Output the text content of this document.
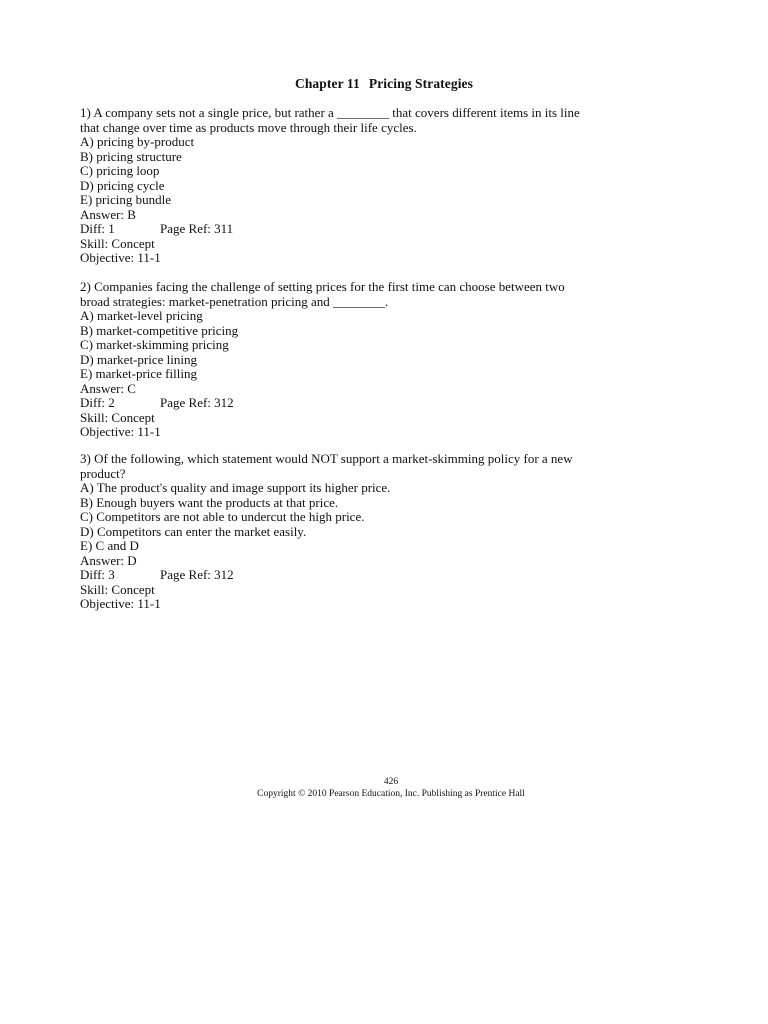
Chapter 11 Pricing Strategies
1) A company sets not a single price, but rather a ________ that covers different items in its line
that change over time as products move through their life cycles.
A) pricing by-product
B) pricing structure
C) pricing loop
D) pricing cycle
E) pricing bundle
Answer: B
Diff: 1	Page Ref: 311
Skill: Concept
Objective: 11-1
2) Companies facing the challenge of setting prices for the first time can choose between two
broad strategies: market-penetration pricing and ________.
A) market-level pricing
B) market-competitive pricing
C) market-skimming pricing
D) market-price lining
E) market-price filling
Answer: C
Diff: 2	Page Ref: 312
Skill: Concept
Objective: 11-1
3) Of the following, which statement would NOT support a market-skimming policy for a new
product?
A) The product's quality and image support its higher price.
B) Enough buyers want the products at that price.
C) Competitors are not able to undercut the high price.
D) Competitors can enter the market easily.
E) C and D
Answer: D
Diff: 3	Page Ref: 312
Skill: Concept
Objective: 11-1
426
Copyright © 2010 Pearson Education, Inc. Publishing as Prentice Hall
